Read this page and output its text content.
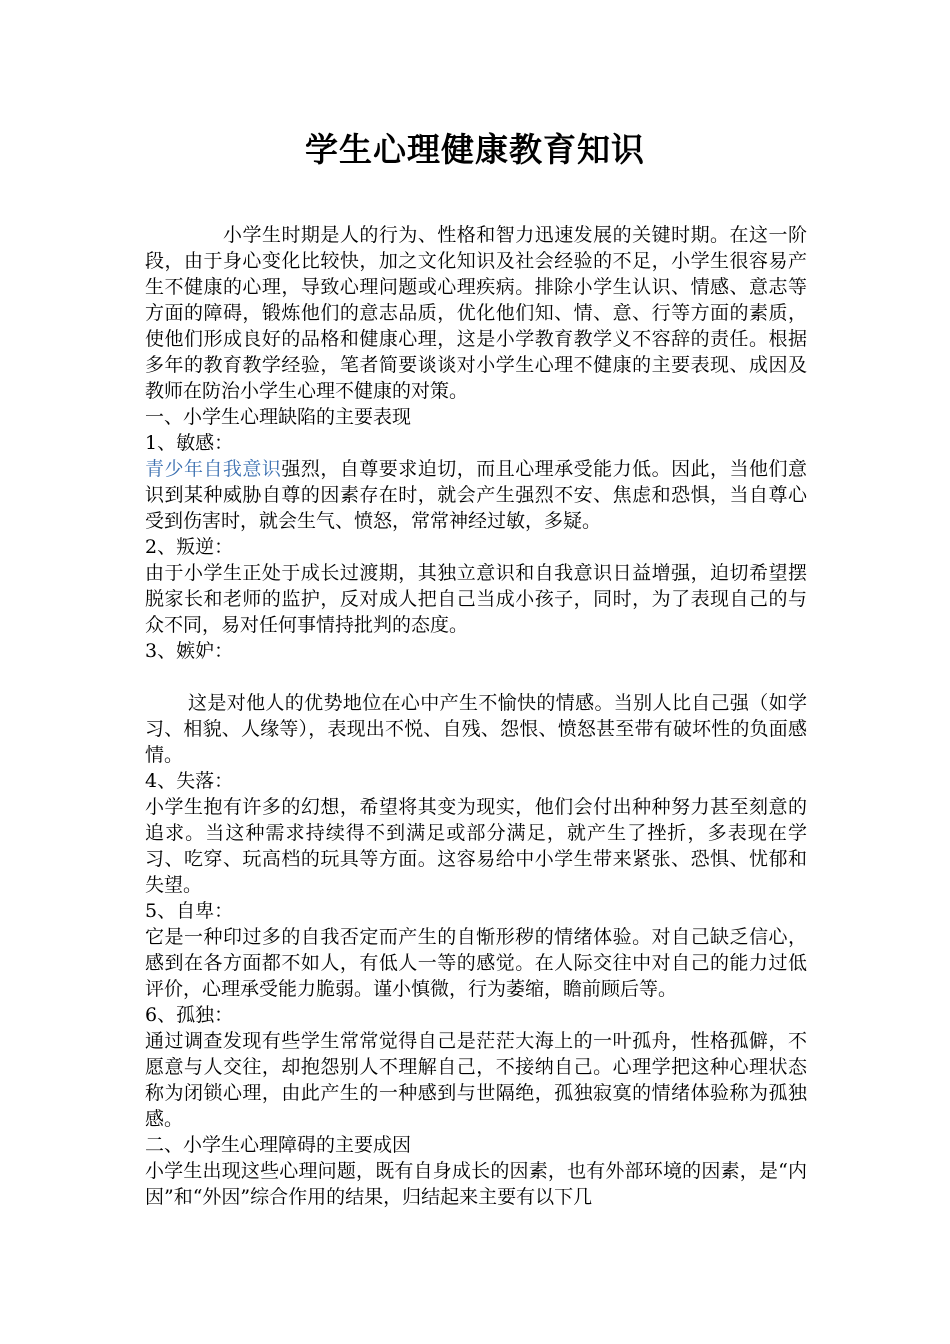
学生心理健康教育知识

小学生时期是人的行为、性格和智力迅速发展的关键时期。在这一阶段，由于身心变化比较快，加之文化知识及社会经验的不足，小学生很容易产生不健康的心理，导致心理问题或心理疾病。排除小学生认识、情感、意志等方面的障碍，锻炼他们的意志品质，优化他们知、情、意、行等方面的素质，使他们形成良好的品格和健康心理，这是小学教育教学义不容辞的责任。根据多年的教育教学经验，笔者简要谈谈对小学生心理不健康的主要表现、成因及教师在防治小学生心理不健康的对策。

一、小学生心理缺陷的主要表现

1、敏感：

青少年自我意识强烈，自尊要求迫切，而且心理承受能力低。因此，当他们意识到某种威胁自尊的因素存在时，就会产生强烈不安、焦虑和恐惧，当自尊心受到伤害时，就会生气、愤怒，常常神经过敏，多疑。

2、叛逆：

由于小学生正处于成长过渡期，其独立意识和自我意识日益增强，迫切希望摆脱家长和老师的监护，反对成人把自己当成小孩子，同时，为了表现自己的与众不同，易对任何事情持批判的态度。

3、嫉妒：

这是对他人的优势地位在心中产生不愉快的情感。当别人比自己强（如学习、相貌、人缘等），表现出不悦、自残、怨恨、愤怒甚至带有破坏性的负面感情。

4、失落：

小学生抱有许多的幻想，希望将其变为现实，他们会付出种种努力甚至刻意的追求。当这种需求持续得不到满足或部分满足，就产生了挫折，多表现在学习、吃穿、玩高档的玩具等方面。这容易给中小学生带来紧张、恐惧、忧郁和失望。

5、自卑：

它是一种印过多的自我否定而产生的自惭形秽的情绪体验。对自己缺乏信心，感到在各方面都不如人，有低人一等的感觉。在人际交往中对自己的能力过低评价，心理承受能力脆弱。谨小慎微，行为萎缩，瞻前顾后等。

6、孤独：

通过调查发现有些学生常常觉得自己是茫茫大海上的一叶孤舟，性格孤僻，不愿意与人交往，却抱怨别人不理解自己，不接纳自己。心理学把这种心理状态称为闭锁心理，由此产生的一种感到与世隔绝，孤独寂寞的情绪体验称为孤独感。

二、小学生心理障碍的主要成因

小学生出现这些心理问题，既有自身成长的因素，也有外部环境的因素，是“内因”和“外因”综合作用的结果，归结起来主要有以下几
